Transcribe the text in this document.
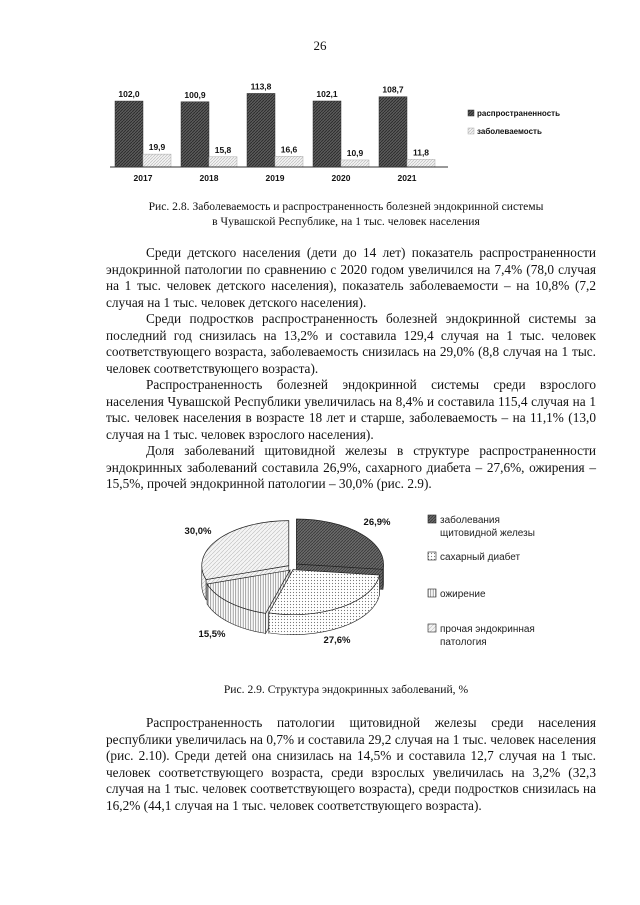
26
102,0
19,9
2017
100,9
15,8
2018
113,8
16,6
2019
102,1
10,9
2020
108,7
11,8
2021
распространенность
заболеваемость
Рис. 2.8. Заболеваемость и распространенность болезней эндокринной системы
в Чувашской Республике, на 1 тыс. человек населения

Среди детского населения (дети до 14 лет) показатель распространенности эндокринной патологии по сравнению с 2020 годом увеличился на 7,4% (78,0 случая на 1 тыс. человек детского населения), показатель заболеваемости – на 10,8% (7,2 случая на 1 тыс. человек детского населения).

Среди подростков распространенность болезней эндокринной системы за последний год снизилась на 13,2% и составила 129,4 случая на 1 тыс. человек соответствующего возраста, заболеваемость снизилась на 29,0% (8,8 случая на 1 тыс. человек соответствующего возраста).

Распространенность болезней эндокринной системы среди взрослого населения Чувашской Республики увеличилась на 8,4% и составила 115,4 случая на 1 тыс. человек населения в возрасте 18 лет и старше, заболеваемость – на 11,1% (13,0 случая на 1 тыс. человек взрослого населения).

Доля заболеваний щитовидной железы в структуре распространенности эндокринных заболеваний составила 26,9%, сахарного диабета – 27,6%, ожирения – 15,5%, прочей эндокринной патологии – 30,0% (рис. 2.9).

26,9%
27,6%
15,5%
30,0%
заболевания
щитовидной железы
сахарный диабет
ожирение
прочая эндокринная
патология
Рис. 2.9. Структура эндокринных заболеваний, %

Распространенность патологии щитовидной железы среди населения республики увеличилась на 0,7% и составила 29,2 случая на 1 тыс. человек населения (рис. 2.10). Среди детей она снизилась на 14,5% и составила 12,7 случая на 1 тыс. человек соответствующего возраста, среди взрослых увеличилась на 3,2% (32,3 случая на 1 тыс. человек соответствующего возраста), среди подростков снизилась на 16,2% (44,1 случая на 1 тыс. человек соответствующего возраста).
